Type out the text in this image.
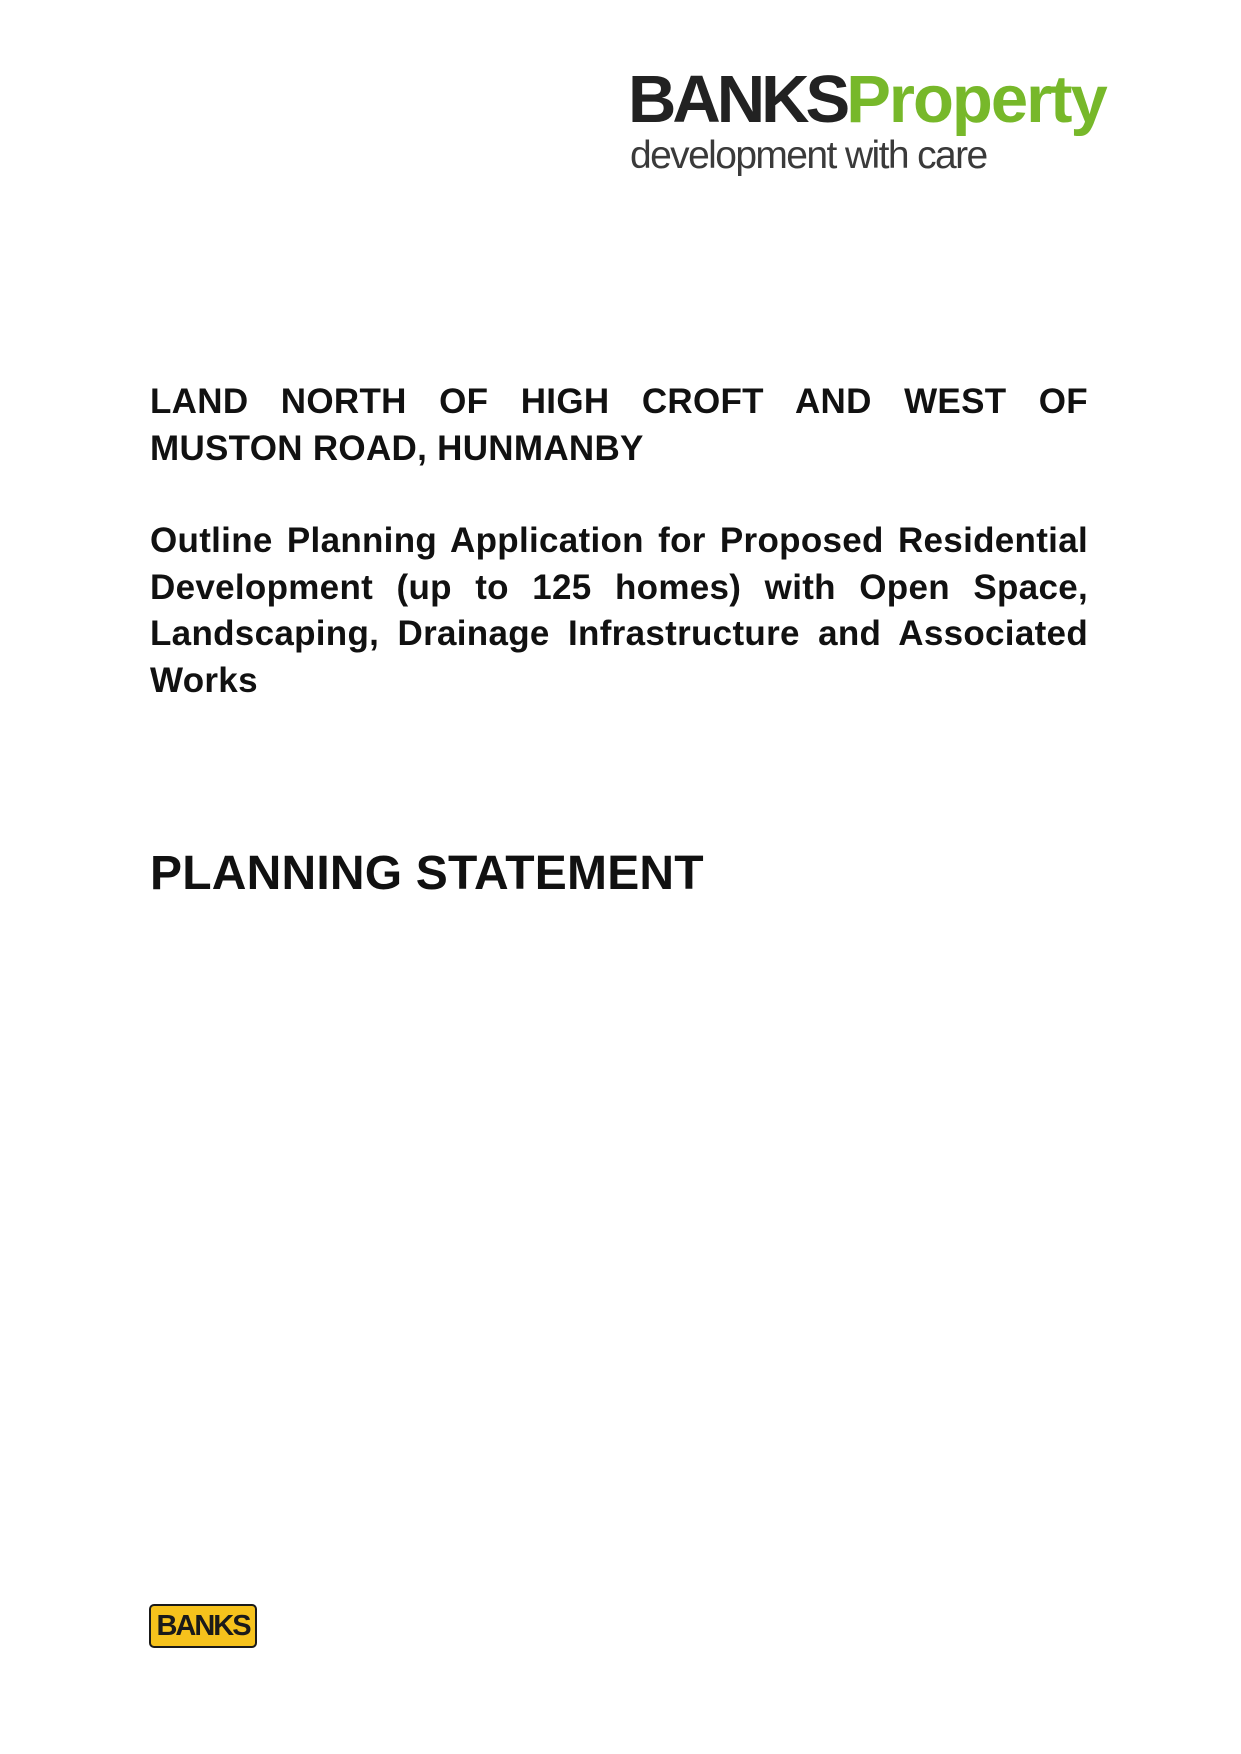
BANKSProperty
development with care

LAND NORTH OF HIGH CROFT AND WEST OF MUSTON ROAD, HUNMANBY

Outline Planning Application for Proposed Residential Development (up to 125 homes) with Open Space, Landscaping, Drainage Infrastructure and Associated Works

PLANNING STATEMENT
BANKS
